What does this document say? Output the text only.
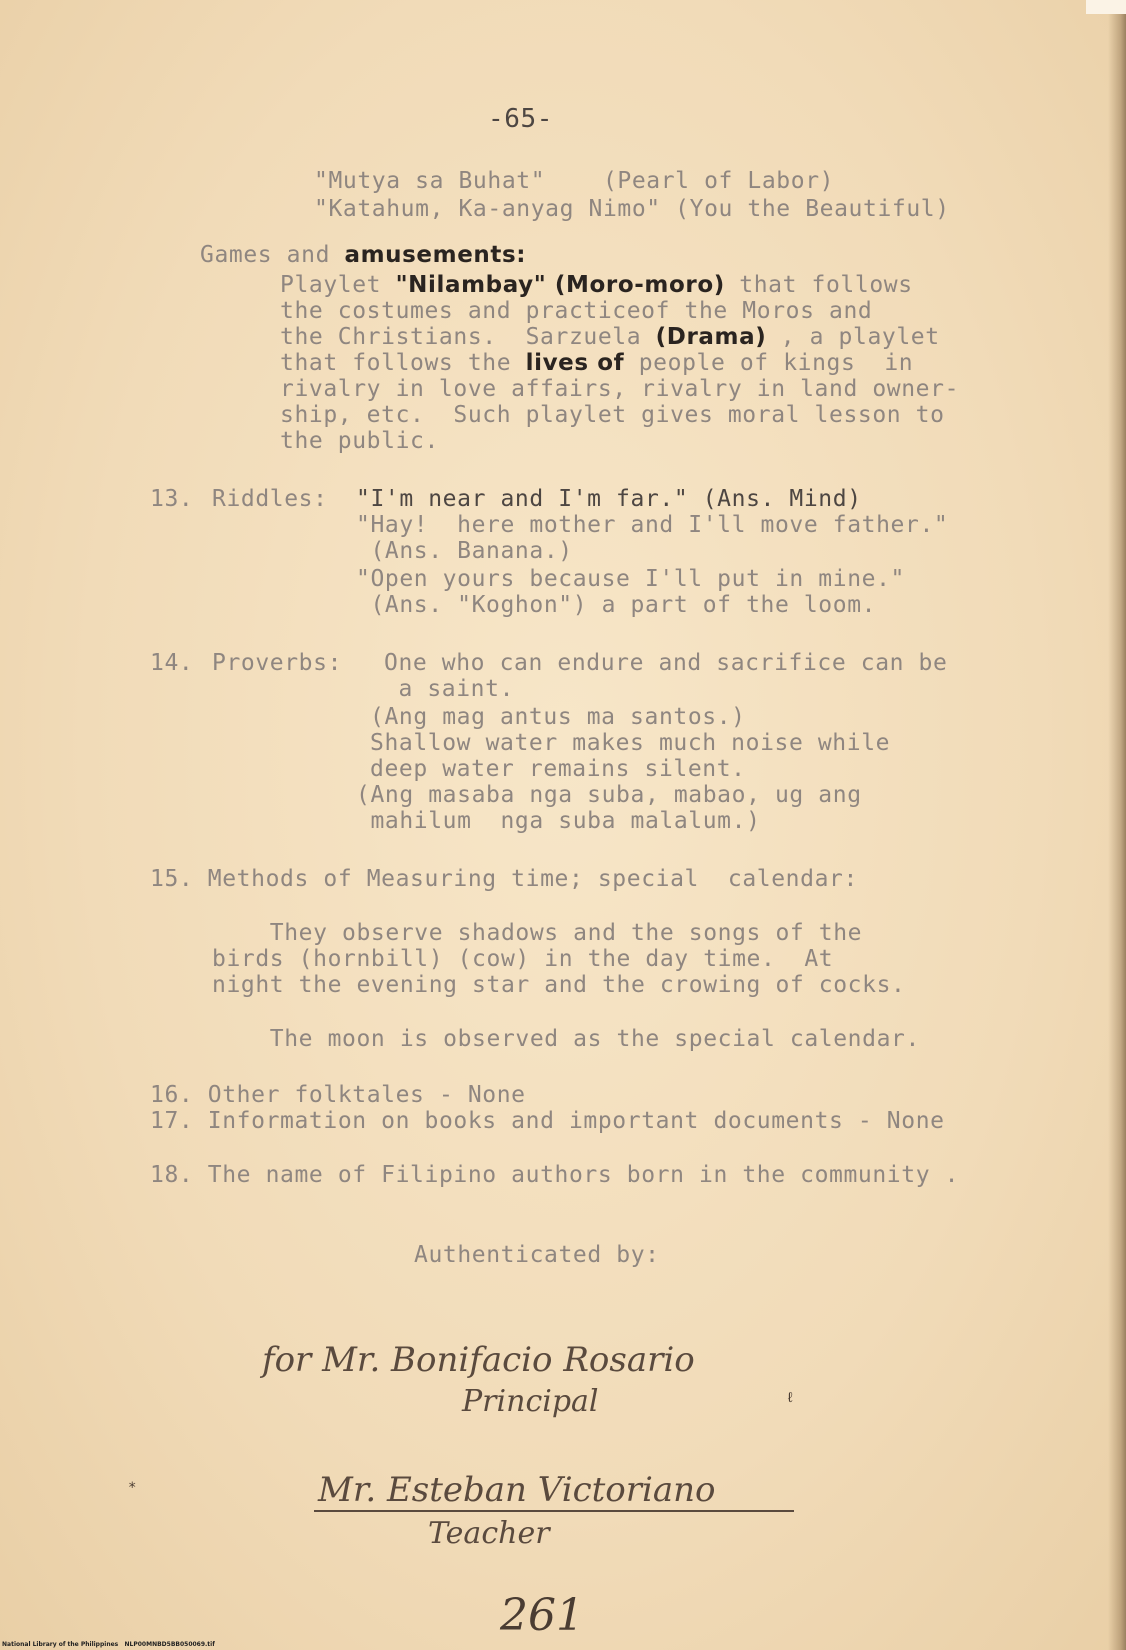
-65-
"Mutya sa Buhat"    (Pearl of Labor)
"Katahum, Ka-anyag Nimo" (You the Beautiful)
Games and amusements:
Playlet "Nilambay" (Moro-moro) that follows
the costumes and practiceof the Moros and
the Christians.  Sarzuela (Drama) , a playlet
that follows the lives of people of kings  in
rivalry in love affairs, rivalry in land owner-
ship, etc.  Such playlet gives moral lesson to
the public.
13. Riddles: "I'm near and I'm far." (Ans. Mind)
"Hay!  here mother and I'll move father."
(Ans. Banana.)
"Open yours because I'll put in mine."
(Ans. "Koghon") a part of the loom.
14. Proverbs: One who can endure and sacrifice can be
a saint.
(Ang mag antus ma santos.)
Shallow water makes much noise while
deep water remains silent.
(Ang masaba nga suba, mabao, ug ang
mahilum  nga suba malalum.)
15. Methods of Measuring time; special  calendar:
They observe shadows and the songs of the
birds (hornbill) (cow) in the day time.  At
night the evening star and the crowing of cocks.
The moon is observed as the special calendar.
16. Other folktales - None
17. Information on books and important documents - None
18. The name of Filipino authors born in the community .
Authenticated by:
for Mr. Bonifacio Rosario
Principal	ℓ
*	Mr. Esteban Victoriano
Teacher
261
National Library of the Philippines   NLP00MNBD5BB050069.tif
